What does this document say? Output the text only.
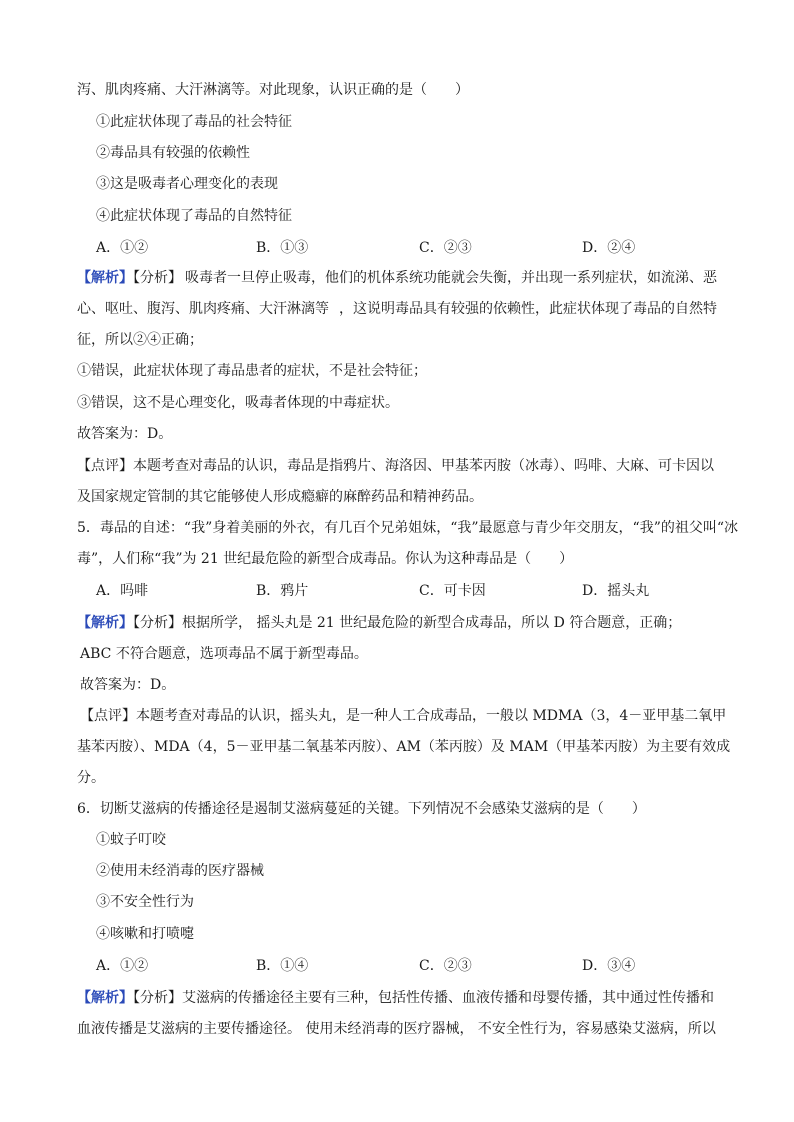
泻、肌肉疼痛、大汗淋漓等。对此现象，认识正确的是（　　）
①此症状体现了毒品的社会特征
②毒品具有较强的依赖性
③这是吸毒者心理变化的表现
④此症状体现了毒品的自然特征
A．①②	B．①③	C．②③	D．②④
【解析】【分析】 吸毒者一旦停止吸毒，他们的机体系统功能就会失衡，并出现一系列症状，如流涕、恶
心、呕吐、腹泻、肌肉疼痛、大汗淋漓等 ，这说明毒品具有较强的依赖性，此症状体现了毒品的自然特
征，所以②④正确；
①错误，此症状体现了毒品患者的症状，不是社会特征；
③错误，这不是心理变化，吸毒者体现的中毒症状。
故答案为：D。
【点评】本题考查对毒品的认识，毒品是指鸦片、海洛因、甲基苯丙胺（冰毒）、吗啡、大麻、可卡因以
及国家规定管制的其它能够使人形成瘾癖的麻醉药品和精神药品。
5．毒品的自述：“我”身着美丽的外衣，有几百个兄弟姐妹，“我”最愿意与青少年交朋友，“我”的祖父叫“冰
毒”，人们称“我”为 21 世纪最危险的新型合成毒品。你认为这种毒品是（　　）
A．吗啡	B．鸦片	C．可卡因	D．摇头丸
【解析】【分析】根据所学， 摇头丸是 21 世纪最危险的新型合成毒品，所以 D 符合题意，正确；
ABC 不符合题意，选项毒品不属于新型毒品。
故答案为：D。
【点评】本题考查对毒品的认识，摇头丸，是一种人工合成毒品，一般以 MDMA（3，4－亚甲基二氧甲
基苯丙胺）、MDA（4，5－亚甲基二氧基苯丙胺）、AM（苯丙胺）及 MAM（甲基苯丙胺）为主要有效成
分。
6．切断艾滋病的传播途径是遏制艾滋病蔓延的关键。下列情况不会感染艾滋病的是（　　）
①蚊子叮咬
②使用未经消毒的医疗器械
③不安全性行为
④咳嗽和打喷嚏
A．①②	B．①④	C．②③	D．③④
【解析】【分析】艾滋病的传播途径主要有三种，包括性传播、血液传播和母婴传播，其中通过性传播和
血液传播是艾滋病的主要传播途径。 使用未经消毒的医疗器械， 不安全性行为，容易感染艾滋病，所以
